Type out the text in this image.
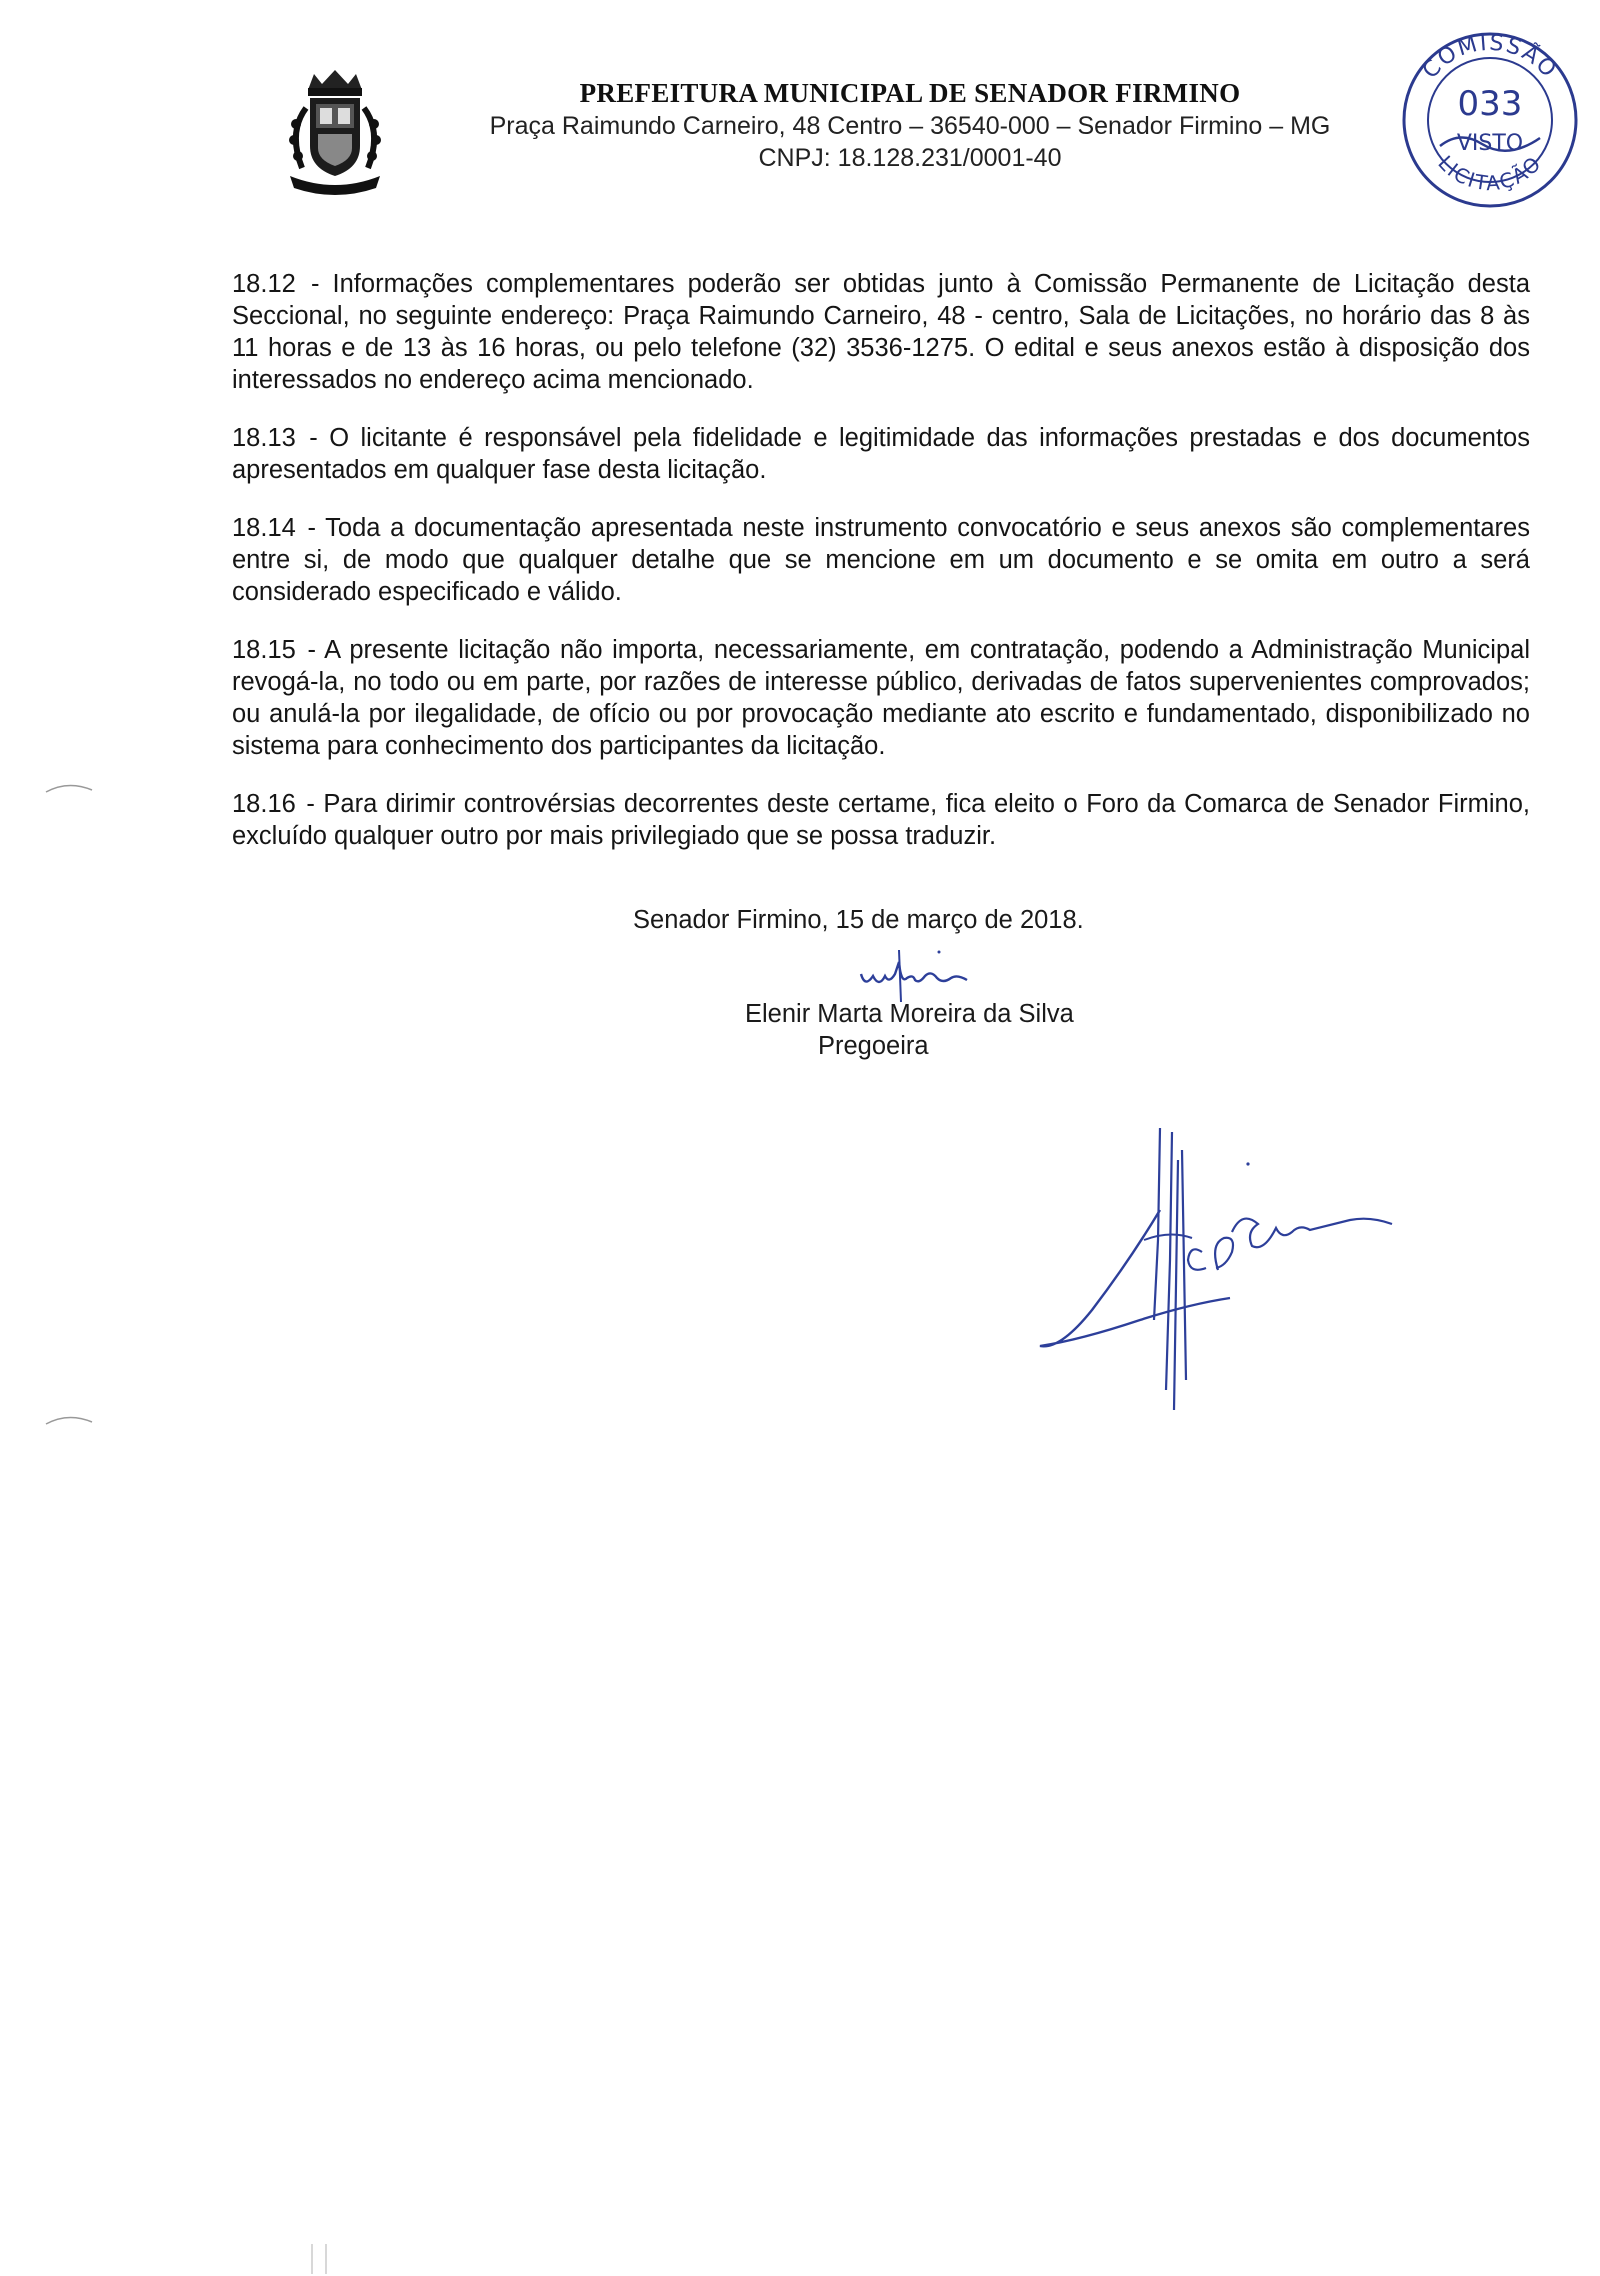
PREFEITURA MUNICIPAL DE SENADOR FIRMINO
Praça Raimundo Carneiro, 48 Centro – 36540-000 – Senador Firmino – MG
CNPJ: 18.128.231/0001-40
COMISSÃO
LICITAÇÃO
033
VISTO

18.12 - Informações complementares poderão ser obtidas junto à Comissão Permanente de Licitação desta Seccional, no seguinte endereço: Praça Raimundo Carneiro, 48 - centro, Sala de Licitações, no horário das 8 às 11 horas e de 13 às 16 horas, ou pelo telefone (32) 3536-1275. O edital e seus anexos estão à disposição dos interessados no endereço acima mencionado.

18.13 - O licitante é responsável pela fidelidade e legitimidade das informações prestadas e dos documentos apresentados em qualquer fase desta licitação.

18.14 - Toda a documentação apresentada neste instrumento convocatório e seus anexos são complementares entre si, de modo que qualquer detalhe que se mencione em um documento e se omita em outro a será considerado especificado e válido.

18.15 - A presente licitação não importa, necessariamente, em contratação, podendo a Administração Municipal revogá-la, no todo ou em parte, por razões de interesse público, derivadas de fatos supervenientes comprovados; ou anulá-la por ilegalidade, de ofício ou por provocação mediante ato escrito e fundamentado, disponibilizado no sistema para conhecimento dos participantes da licitação.

18.16 - Para dirimir controvérsias decorrentes deste certame, fica eleito o Foro da Comarca de Senador Firmino, excluído qualquer outro por mais privilegiado que se possa traduzir.

Senador Firmino, 15 de março de 2018.
Elenir Marta Moreira da Silva
Pregoeira
